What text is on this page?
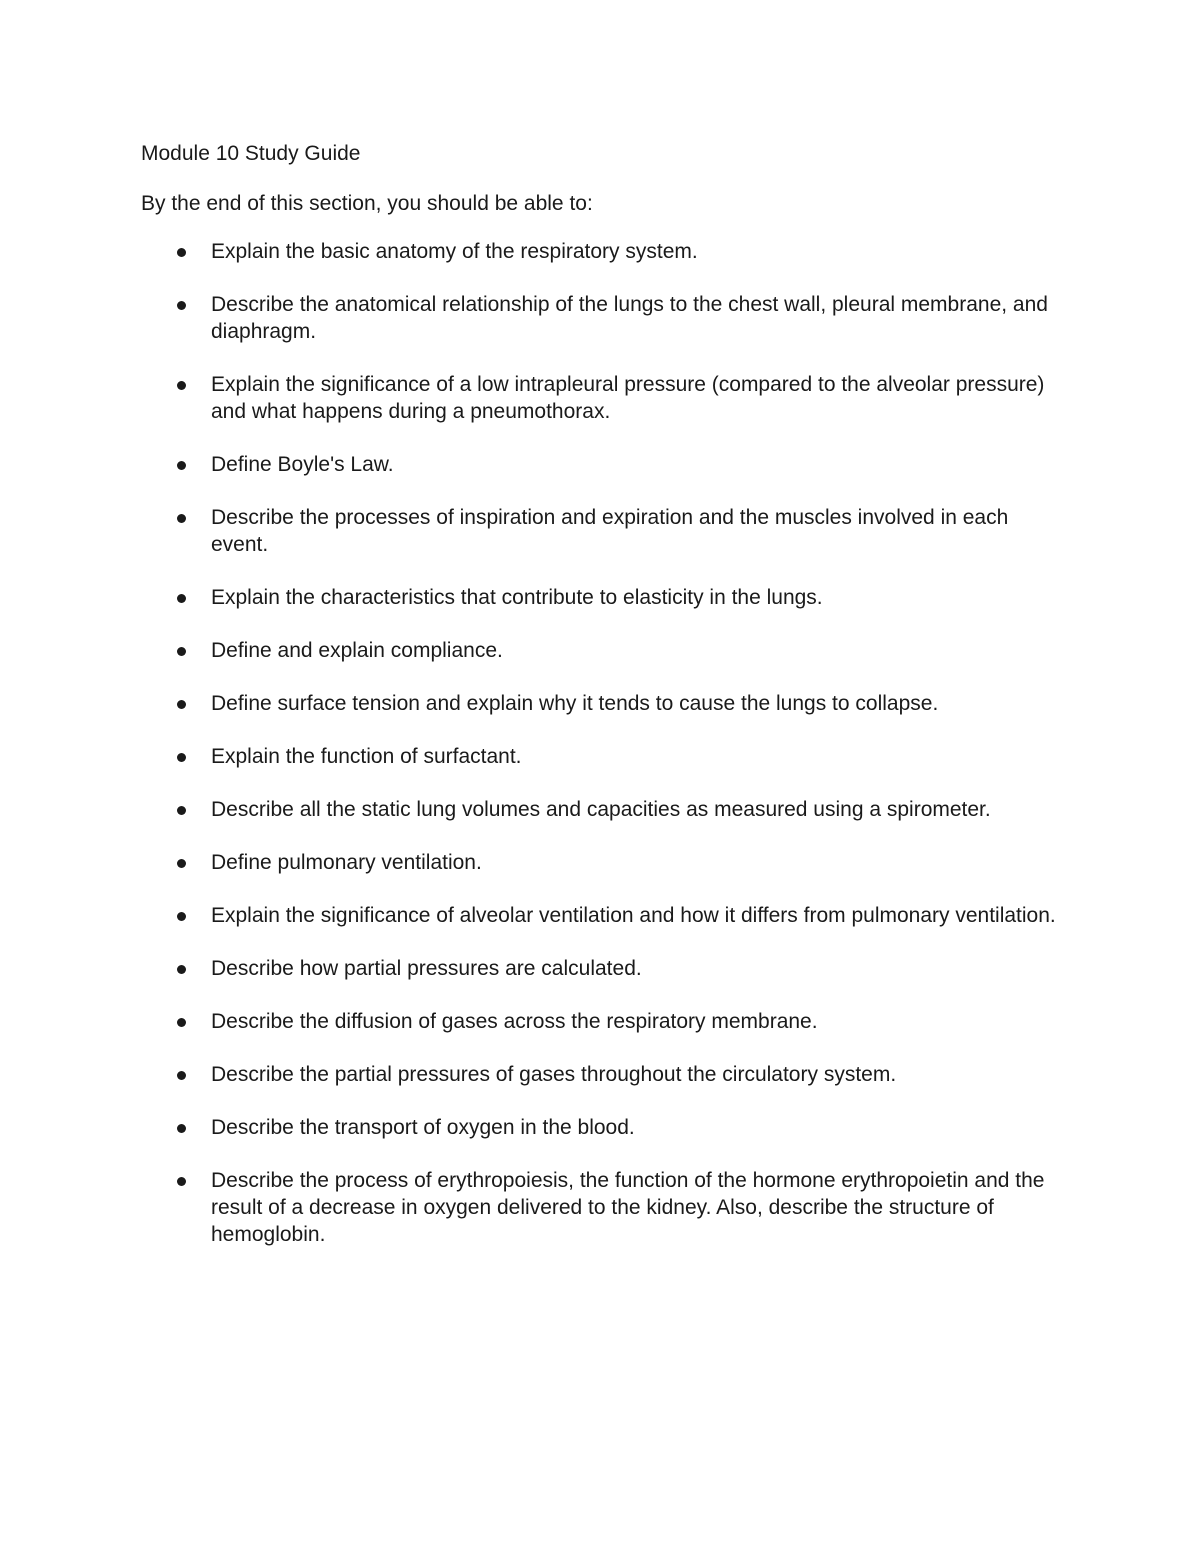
Module 10 Study Guide
By the end of this section, you should be able to:
Explain the basic anatomy of the respiratory system.
Describe the anatomical relationship of the lungs to the chest wall, pleural membrane, and diaphragm.
Explain the significance of a low intrapleural pressure (compared to the alveolar pressure) and what happens during a pneumothorax.
Define Boyle's Law.
Describe the processes of inspiration and expiration and the muscles involved in each event.
Explain the characteristics that contribute to elasticity in the lungs.
Define and explain compliance.
Define surface tension and explain why it tends to cause the lungs to collapse.
Explain the function of surfactant.
Describe all the static lung volumes and capacities as measured using a spirometer.
Define pulmonary ventilation.
Explain the significance of alveolar ventilation and how it differs from pulmonary ventilation.
Describe how partial pressures are calculated.
Describe the diffusion of gases across the respiratory membrane.
Describe the partial pressures of gases throughout the circulatory system.
Describe the transport of oxygen in the blood.
Describe the process of erythropoiesis, the function of the hormone erythropoietin and the result of a decrease in oxygen delivered to the kidney. Also, describe the structure of hemoglobin.
